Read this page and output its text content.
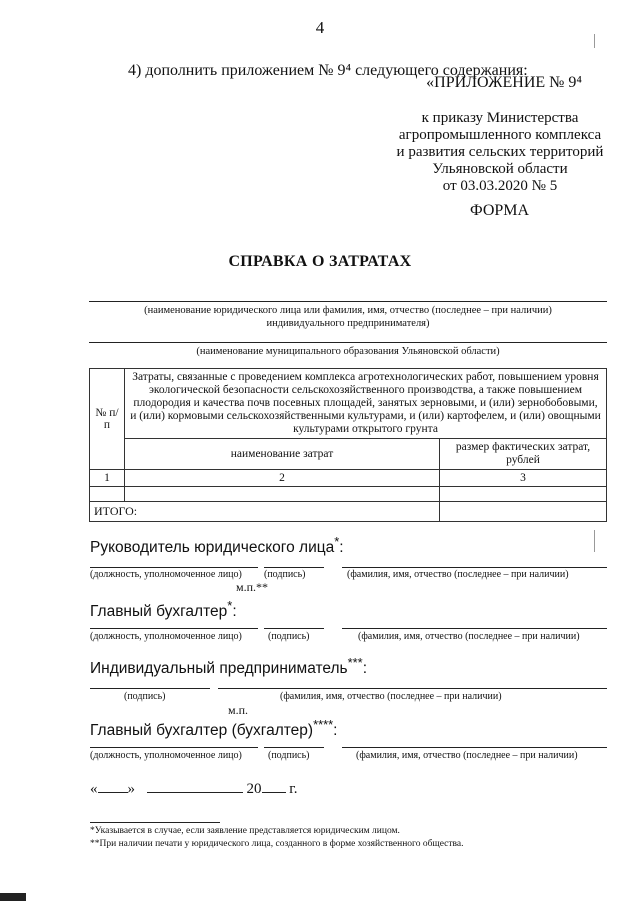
4
4) дополнить приложением № 9⁴ следующего содержания:
«ПРИЛОЖЕНИЕ № 9⁴
к приказу Министерства
агропромышленного комплекса
и развития сельских территорий
Ульяновской области
от 03.03.2020 № 5
ФОРМА
СПРАВКА О ЗАТРАТАХ
(наименование юридического лица или фамилия, имя, отчество (последнее – при наличии) индивидуального предпринимателя)
(наименование муниципального образования Ульяновской области)
№ п/п	Затраты, связанные с проведением комплекса агротехнологических работ, повышением уровня экологической безопасности сельскохозяйственного производства, а также повышением плодородия и качества почв посевных площадей, занятых зерновыми, и (или) зернобобовыми, и (или) кормовыми сельскохозяйственными культурами, и (или) картофелем, и (или) овощными культурами открытого грунта	
	наименование затрат	размер фактических затрат, рублей
1	2	3

ИТОГО:		
Руководитель юридического лица*:
(должность, уполномоченное лицо) (подпись)	(фамилия, имя, отчество (последнее – при наличии)
м.п.**
Главный бухгалтер*:
(должность, уполномоченное лицо)	(подпись)	(фамилия, имя, отчество (последнее – при наличии)
Индивидуальный предприниматель***:
(подпись)	(фамилия, имя, отчество (последнее – при наличии)
м.п.
Главный бухгалтер (бухгалтер)****:
(должность, уполномоченное лицо)	(подпись)	(фамилия, имя, отчество (последнее – при наличии)
« »	20 г.
*Указывается в случае, если заявление представляется юридическим лицом.
**При наличии печати у юридического лица, созданного в форме хозяйственного общества.
